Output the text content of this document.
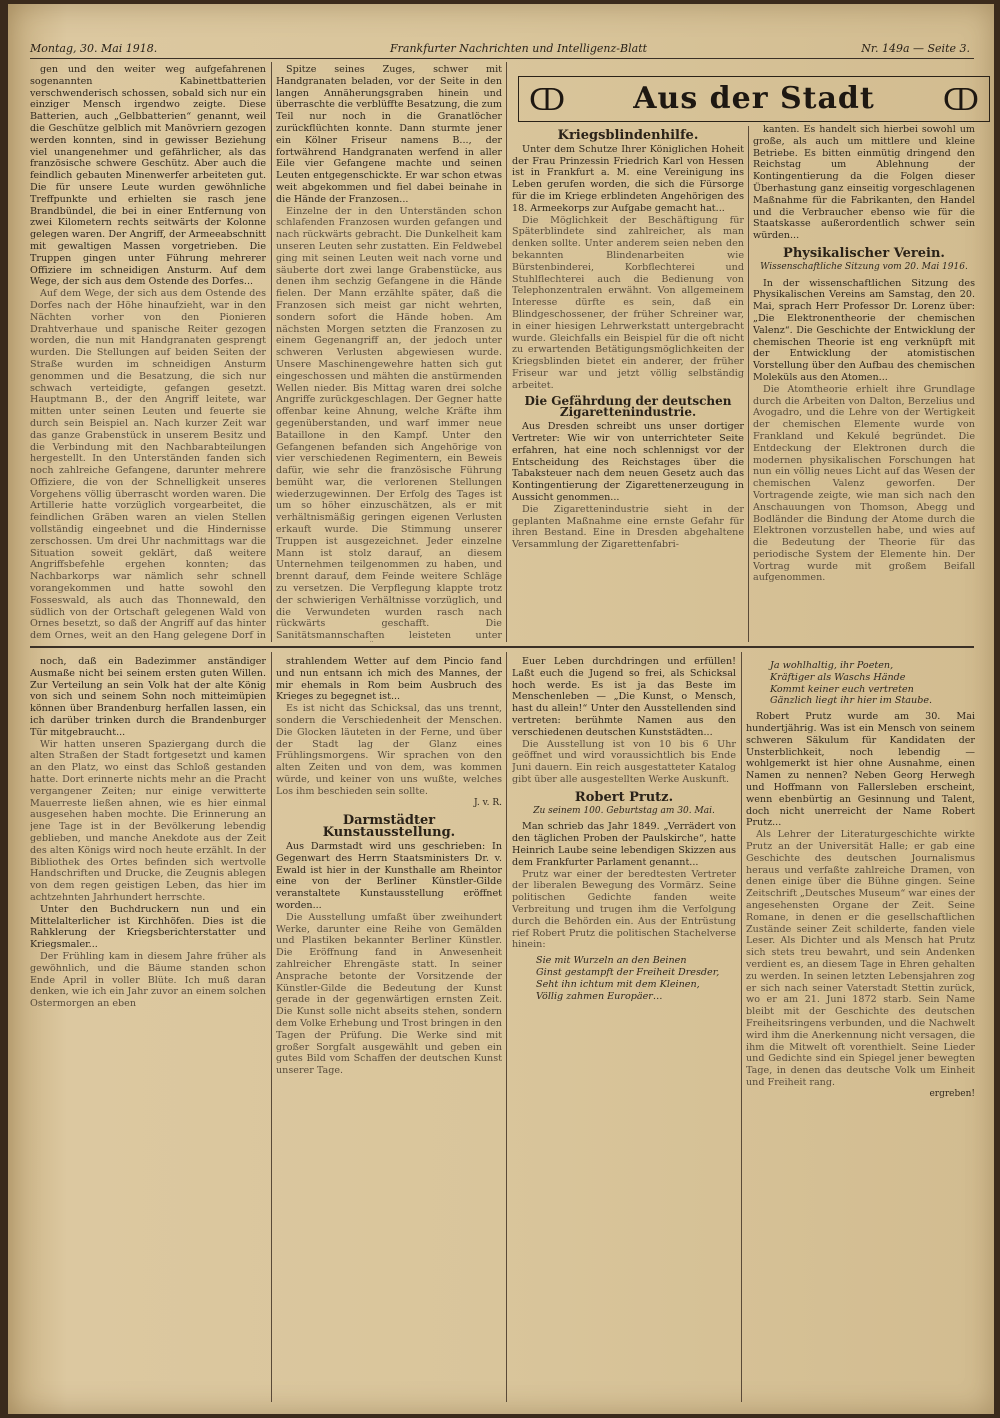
Montag, 30. Mai 1918.	Frankfurter Nachrichten und Intelligenz-Blatt	Nr. 149a — Seite 3.
ↀ	Aus der Stadt	ↀ

gen und den weiter weg aufgefahrenen sogenannten Kabinettbatterien verschwenderisch schossen, sobald sich nur ein einziger Mensch irgendwo zeigte. Diese Batterien, auch „Gelbbatterien“ genannt, weil die Geschütze gelblich mit Manövriern gezogen werden konnten, sind in gewisser Beziehung viel unangenehmer und gefährlicher, als das französische schwere Geschütz. Aber auch die feindlich gebauten Minenwerfer arbeiteten gut. Die für unsere Leute wurden gewöhnliche Treffpunkte und erhielten sie rasch jene Brandbündel, die bei in einer Entfernung von zwei Kilometern rechts seitwärts der Kolonne gelegen waren. Der Angriff, der Armeeabschnitt mit gewaltigen Massen vorgetrieben. Die Truppen gingen unter Führung mehrerer Offiziere im schneidigen Ansturm. Auf dem Wege, der sich aus dem Ostende des Dorfes...

Auf dem Wege, der sich aus dem Ostende des Dorfes nach der Höhe hinaufzieht, war in den Nächten vorher von den Pionieren Drahtverhaue und spanische Reiter gezogen worden, die nun mit Handgranaten gesprengt wurden. Die Stellungen auf beiden Seiten der Straße wurden im schneidigen Ansturm genommen und die Besatzung, die sich nur schwach verteidigte, gefangen gesetzt. Hauptmann B., der den Angriff leitete, war mitten unter seinen Leuten und feuerte sie durch sein Beispiel an. Nach kurzer Zeit war das ganze Grabenstück in unserem Besitz und die Verbindung mit den Nachbarabteilungen hergestellt. In den Unterständen fanden sich noch zahlreiche Gefangene, darunter mehrere Offiziere, die von der Schnelligkeit unseres Vorgehens völlig überrascht worden waren. Die Artillerie hatte vorzüglich vorgearbeitet, die feindlichen Gräben waren an vielen Stellen vollständig eingeebnet und die Hindernisse zerschossen. Um drei Uhr nachmittags war die Situation soweit geklärt, daß weitere Angriffsbefehle ergehen konnten; das Nachbarkorps war nämlich sehr schnell vorangekommen und hatte sowohl den Fosseswald, als auch das Thonnewald, den südlich von der Ortschaft gelegenen Wald von Ornes besetzt, so daß der Angriff auf das hinter dem Ornes, weit an den Hang gelegene Dorf in

Spitze seines Zuges, schwer mit Handgranaten beladen, vor der Seite in den langen Annäherungsgraben hinein und überraschte die verblüffte Besatzung, die zum Teil nur noch in die Granatlöcher zurückflüchten konnte. Dann sturmte jener ein Kölner Friseur namens B..., der fortwährend Handgranaten werfend in aller Eile vier Gefangene machte und seinen Leuten entgegenschickte. Er war schon etwas weit abgekommen und fiel dabei beinahe in die Hände der Franzosen...

Einzelne der in den Unterständen schon schlafenden Franzosen wurden gefangen und nach rückwärts gebracht. Die Dunkelheit kam unseren Leuten sehr zustatten. Ein Feldwebel ging mit seinen Leuten weit nach vorne und säuberte dort zwei lange Grabenstücke, aus denen ihm sechzig Gefangene in die Hände fielen. Der Mann erzählte später, daß die Franzosen sich meist gar nicht wehrten, sondern sofort die Hände hoben. Am nächsten Morgen setzten die Franzosen zu einem Gegenangriff an, der jedoch unter schweren Verlusten abgewiesen wurde. Unsere Maschinengewehre hatten sich gut eingeschossen und mähten die anstürmenden Wellen nieder. Bis Mittag waren drei solche Angriffe zurückgeschlagen. Der Gegner hatte offenbar keine Ahnung, welche Kräfte ihm gegenüberstanden, und warf immer neue Bataillone in den Kampf. Unter den Gefangenen befanden sich Angehörige von vier verschiedenen Regimentern, ein Beweis dafür, wie sehr die französische Führung bemüht war, die verlorenen Stellungen wiederzugewinnen. Der Erfolg des Tages ist um so höher einzuschätzen, als er mit verhältnismäßig geringen eigenen Verlusten erkauft wurde. Die Stimmung unserer Truppen ist ausgezeichnet. Jeder einzelne Mann ist stolz darauf, an diesem Unternehmen teilgenommen zu haben, und brennt darauf, dem Feinde weitere Schläge zu versetzen. Die Verpflegung klappte trotz der schwierigen Verhältnisse vorzüglich, und die Verwundeten wurden rasch nach rückwärts geschafft. Die Sanitätsmannschaften leisteten unter

Kriegsblindenhilfe.

Unter dem Schutze Ihrer Königlichen Hoheit der Frau Prinzessin Friedrich Karl von Hessen ist in Frankfurt a. M. eine Vereinigung ins Leben gerufen worden, die sich die Fürsorge für die im Kriege erblindeten Angehörigen des 18. Armeekorps zur Aufgabe gemacht hat...

Die Möglichkeit der Beschäftigung für Späterblindete sind zahlreicher, als man denken sollte. Unter anderem seien neben den bekannten Blindenarbeiten wie Bürstenbinderei, Korbflechterei und Stuhlflechterei auch die Bedienung von Telephonzentralen erwähnt. Von allgemeinem Interesse dürfte es sein, daß ein Blindgeschossener, der früher Schreiner war, in einer hiesigen Lehrwerkstatt untergebracht wurde. Gleichfalls ein Beispiel für die oft nicht zu erwartenden Betätigungsmöglichkeiten der Kriegsblinden bietet ein anderer, der früher Friseur war und jetzt völlig selbständig arbeitet.

Die Gefährdung der deutschen Zigarettenindustrie.

Aus Dresden schreibt uns unser dortiger Vertreter: Wie wir von unterrichteter Seite erfahren, hat eine noch schlennigst vor der Entscheidung des Reichstages über die Tabaksteuer nach dem neuen Gesetz auch das Kontingentierung der Zigarettenerzeugung in Aussicht genommen...

Die Zigarettenindustrie sieht in der geplanten Maßnahme eine ernste Gefahr für ihren Bestand. Eine in Dresden abgehaltene Versammlung der Zigarettenfabri-

kanten. Es handelt sich hierbei sowohl um große, als auch um mittlere und kleine Betriebe. Es bitten einmütig dringend den Reichstag um Ablehnung der Kontingentierung da die Folgen dieser Überhastung ganz einseitig vorgeschlagenen Maßnahme für die Fabrikanten, den Handel und die Verbraucher ebenso wie für die Staatskasse außerordentlich schwer sein würden...

Physikalischer Verein.
Wissenschaftliche Sitzung vom 20. Mai 1916.

In der wissenschaftlichen Sitzung des Physikalischen Vereins am Samstag, den 20. Mai, sprach Herr Professor Dr. Lorenz über: „Die Elektronentheorie der chemischen Valenz“. Die Geschichte der Entwicklung der chemischen Theorie ist eng verknüpft mit der Entwicklung der atomistischen Vorstellung über den Aufbau des chemischen Moleküls aus den Atomen...

Die Atomtheorie erhielt ihre Grundlage durch die Arbeiten von Dalton, Berzelius und Avogadro, und die Lehre von der Wertigkeit der chemischen Elemente wurde von Frankland und Kekulé begründet. Die Entdeckung der Elektronen durch die modernen physikalischen Forschungen hat nun ein völlig neues Licht auf das Wesen der chemischen Valenz geworfen. Der Vortragende zeigte, wie man sich nach den Anschauungen von Thomson, Abegg und Bodländer die Bindung der Atome durch die Elektronen vorzustellen habe, und wies auf die Bedeutung der Theorie für das periodische System der Elemente hin. Der Vortrag wurde mit großem Beifall aufgenommen.

noch, daß ein Badezimmer anständiger Ausmaße nicht bei seinem ersten guten Willen. Zur Verteilung an sein Volk hat der alte König von sich und seinem Sohn noch mitteimüpien können über Brandenburg herfallen lassen, ein ich darüber trinken durch die Brandenburger Tür mitgebraucht...

Wir hatten unseren Spaziergang durch die alten Straßen der Stadt fortgesetzt und kamen an den Platz, wo einst das Schloß gestanden hatte. Dort erinnerte nichts mehr an die Pracht vergangener Zeiten; nur einige verwitterte Mauerreste ließen ahnen, wie es hier einmal ausgesehen haben mochte. Die Erinnerung an jene Tage ist in der Bevölkerung lebendig geblieben, und manche Anekdote aus der Zeit des alten Königs wird noch heute erzählt. In der Bibliothek des Ortes befinden sich wertvolle Handschriften und Drucke, die Zeugnis ablegen von dem regen geistigen Leben, das hier im achtzehnten Jahrhundert herrschte.

Unter den Buchdruckern nun und ein Mittelalterlicher ist Kirchhöfen. Dies ist die Rahklerung der Kriegsberichterstatter und Kriegsmaler...

Der Frühling kam in diesem Jahre früher als gewöhnlich, und die Bäume standen schon Ende April in voller Blüte. Ich muß daran denken, wie ich ein Jahr zuvor an einem solchen Ostermorgen an eben

strahlendem Wetter auf dem Pincio fand und nun entsann ich mich des Mannes, der mir ehemals in Rom beim Ausbruch des Krieges zu begegnet ist...

Es ist nicht das Schicksal, das uns trennt, sondern die Verschiedenheit der Menschen. Die Glocken läuteten in der Ferne, und über der Stadt lag der Glanz eines Frühlingsmorgens. Wir sprachen von den alten Zeiten und von dem, was kommen würde, und keiner von uns wußte, welches Los ihm beschieden sein sollte.

J. v. R.

Darmstädter Kunstausstellung.

Aus Darmstadt wird uns geschrieben: In Gegenwart des Herrn Staatsministers Dr. v. Ewald ist hier in der Kunsthalle am Rheintor eine von der Berliner Künstler-Gilde veranstaltete Kunstausstellung eröffnet worden...

Die Ausstellung umfaßt über zweihundert Werke, darunter eine Reihe von Gemälden und Plastiken bekannter Berliner Künstler. Die Eröffnung fand in Anwesenheit zahlreicher Ehrengäste statt. In seiner Ansprache betonte der Vorsitzende der Künstler-Gilde die Bedeutung der Kunst gerade in der gegenwärtigen ernsten Zeit. Die Kunst solle nicht abseits stehen, sondern dem Volke Erhebung und Trost bringen in den Tagen der Prüfung. Die Werke sind mit großer Sorgfalt ausgewählt und geben ein gutes Bild vom Schaffen der deutschen Kunst unserer Tage.

Euer Leben durchdringen und erfüllen! Laßt euch die Jugend so frei, als Schicksal hoch werde. Es ist ja das Beste im Menschenleben — „Die Kunst, o Mensch, hast du allein!“ Unter den Ausstellenden sind vertreten: berühmte Namen aus den verschiedenen deutschen Kunststädten...

Die Ausstellung ist von 10 bis 6 Uhr geöffnet und wird voraussichtlich bis Ende Juni dauern. Ein reich ausgestatteter Katalog gibt über alle ausgestellten Werke Auskunft.

Robert Prutz.
Zu seinem 100. Geburtstag am 30. Mai.

Man schrieb das Jahr 1849. „Verrädert von den täglichen Proben der Paulskirche“, hatte Heinrich Laube seine lebendigen Skizzen aus dem Frankfurter Parlament genannt...

Prutz war einer der beredtesten Vertreter der liberalen Bewegung des Vormärz. Seine politischen Gedichte fanden weite Verbreitung und trugen ihm die Verfolgung durch die Behörden ein. Aus der Entrüstung rief Robert Prutz die politischen Stachelverse hinein:

Sie mit Wurzeln an den Beinen
Ginst gestampft der Freiheit Dresder,
Seht ihn ichtum mit dem Kleinen,
Völlig zahmen Europäer…
Ja wohlhaltig, ihr Poeten,
Kräftiger als Waschs Hände
Kommt keiner euch vertreten
Gänzlich liegt ihr hier im Staube.

Robert Prutz wurde am 30. Mai hundertjährig. Was ist ein Mensch von seinem schweren Säkulum für Kandidaten der Unsterblichkeit, noch lebendig — wohlgemerkt ist hier ohne Ausnahme, einen Namen zu nennen? Neben Georg Herwegh und Hoffmann von Fallersleben erscheint, wenn ebenbürtig an Gesinnung und Talent, doch nicht unerreicht der Name Robert Prutz...

Als Lehrer der Literaturgeschichte wirkte Prutz an der Universität Halle; er gab eine Geschichte des deutschen Journalismus heraus und verfaßte zahlreiche Dramen, von denen einige über die Bühne gingen. Seine Zeitschrift „Deutsches Museum“ war eines der angesehensten Organe der Zeit. Seine Romane, in denen er die gesellschaftlichen Zustände seiner Zeit schilderte, fanden viele Leser. Als Dichter und als Mensch hat Prutz sich stets treu bewahrt, und sein Andenken verdient es, an diesem Tage in Ehren gehalten zu werden. In seinen letzten Lebensjahren zog er sich nach seiner Vaterstadt Stettin zurück, wo er am 21. Juni 1872 starb. Sein Name bleibt mit der Geschichte des deutschen Freiheitsringens verbunden, und die Nachwelt wird ihm die Anerkennung nicht versagen, die ihm die Mitwelt oft vorenthielt. Seine Lieder und Gedichte sind ein Spiegel jener bewegten Tage, in denen das deutsche Volk um Einheit und Freiheit rang.

ergreben!
